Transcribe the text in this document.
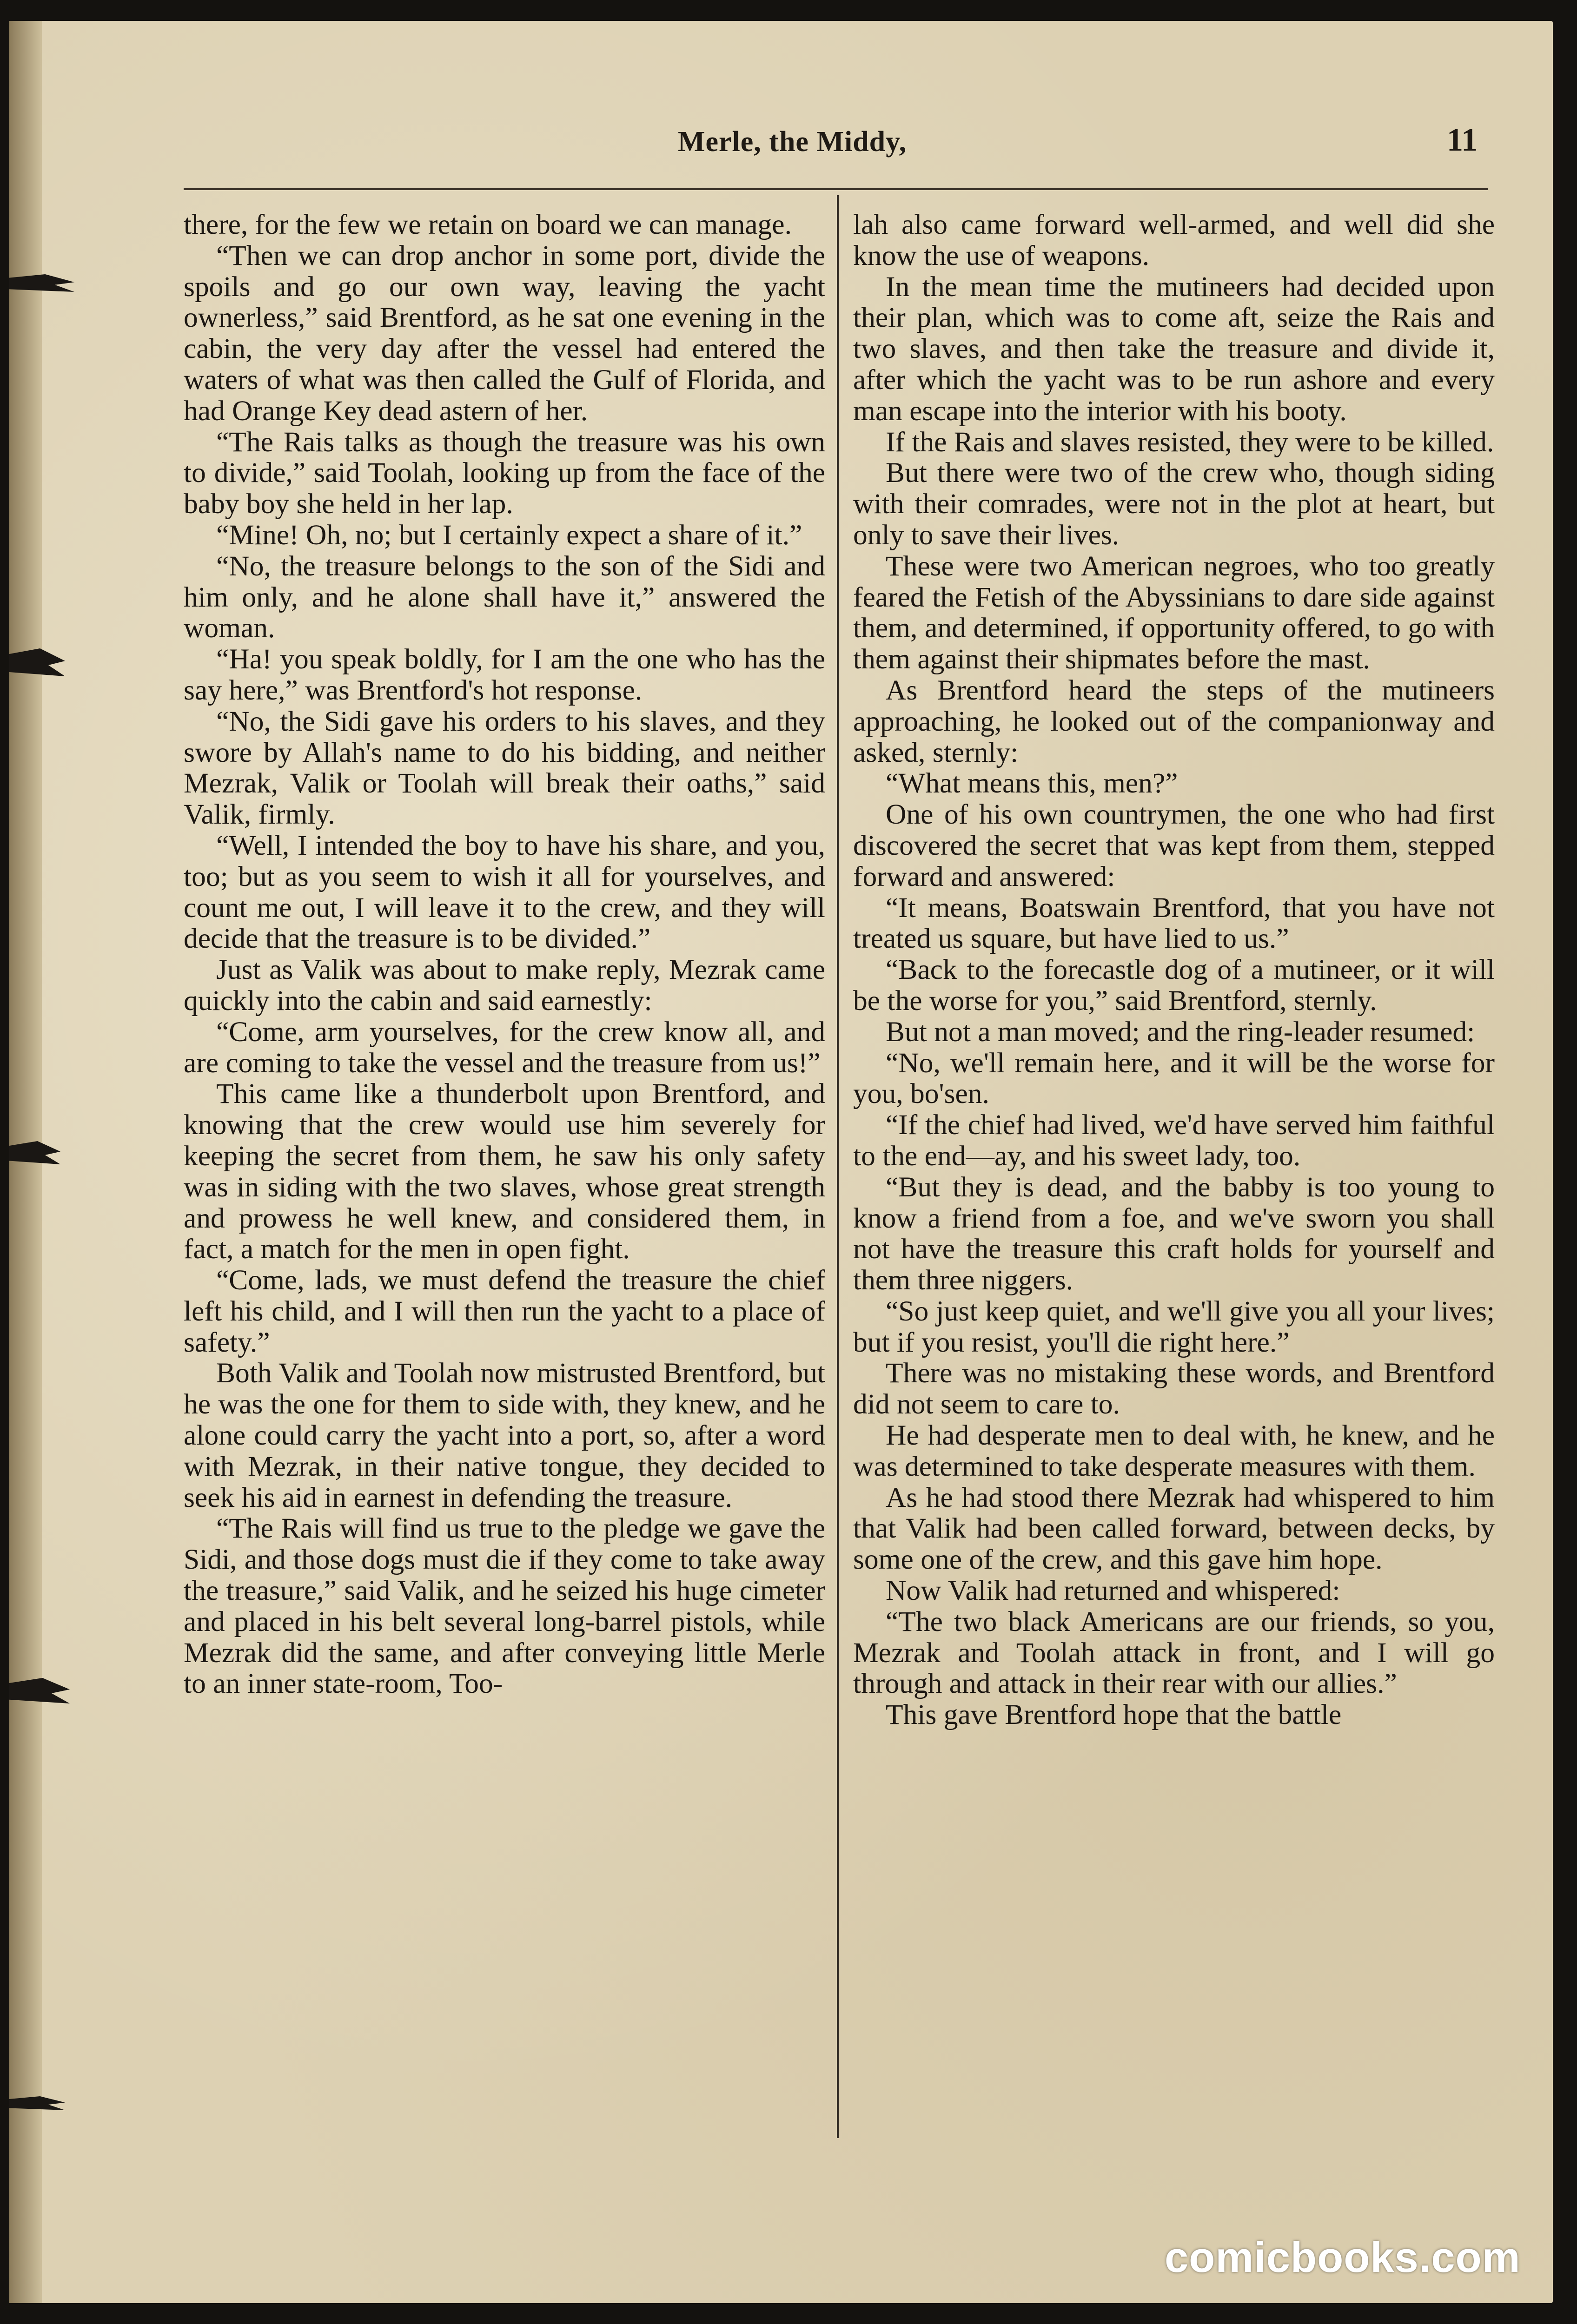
Merle, the Middy,	11

there, for the few we retain on board we can manage.

“Then we can drop anchor in some port, divide the spoils and go our own way, leaving the yacht ownerless,” said Brentford, as he sat one evening in the cabin, the very day after the vessel had entered the waters of what was then called the Gulf of Florida, and had Orange Key dead astern of her.

“The Rais talks as though the treasure was his own to divide,” said Toolah, looking up from the face of the baby boy she held in her lap.

“Mine! Oh, no; but I certainly expect a share of it.”

“No, the treasure belongs to the son of the Sidi and him only, and he alone shall have it,” answered the woman.

“Ha! you speak boldly, for I am the one who has the say here,” was Brentford's hot response.

“No, the Sidi gave his orders to his slaves, and they swore by Allah's name to do his bidding, and neither Mezrak, Valik or Toolah will break their oaths,” said Valik, firmly.

“Well, I intended the boy to have his share, and you, too; but as you seem to wish it all for yourselves, and count me out, I will leave it to the crew, and they will decide that the treasure is to be divided.”

Just as Valik was about to make reply, Mezrak came quickly into the cabin and said earnestly:

“Come, arm yourselves, for the crew know all, and are coming to take the vessel and the treasure from us!”

This came like a thunderbolt upon Brentford, and knowing that the crew would use him severely for keeping the secret from them, he saw his only safety was in siding with the two slaves, whose great strength and prowess he well knew, and considered them, in fact, a match for the men in open fight.

“Come, lads, we must defend the treasure the chief left his child, and I will then run the yacht to a place of safety.”

Both Valik and Toolah now mistrusted Brentford, but he was the one for them to side with, they knew, and he alone could carry the yacht into a port, so, after a word with Mezrak, in their native tongue, they decided to seek his aid in earnest in defending the treasure.

“The Rais will find us true to the pledge we gave the Sidi, and those dogs must die if they come to take away the treasure,” said Valik, and he seized his huge cimeter and placed in his belt several long-barrel pistols, while Mezrak did the same, and after conveying little Merle to an inner state-room, Too-

lah also came forward well-armed, and well did she know the use of weapons.

In the mean time the mutineers had decided upon their plan, which was to come aft, seize the Rais and two slaves, and then take the treasure and divide it, after which the yacht was to be run ashore and every man escape into the interior with his booty.

If the Rais and slaves resisted, they were to be killed.

But there were two of the crew who, though siding with their comrades, were not in the plot at heart, but only to save their lives.

These were two American negroes, who too greatly feared the Fetish of the Abyssinians to dare side against them, and determined, if opportunity offered, to go with them against their shipmates before the mast.

As Brentford heard the steps of the mutineers approaching, he looked out of the companionway and asked, sternly:

“What means this, men?”

One of his own countrymen, the one who had first discovered the secret that was kept from them, stepped forward and answered:

“It means, Boatswain Brentford, that you have not treated us square, but have lied to us.”

“Back to the forecastle dog of a mutineer, or it will be the worse for you,” said Brentford, sternly.

But not a man moved; and the ring-leader resumed:

“No, we'll remain here, and it will be the worse for you, bo'sen.

“If the chief had lived, we'd have served him faithful to the end—ay, and his sweet lady, too.

“But they is dead, and the babby is too young to know a friend from a foe, and we've sworn you shall not have the treasure this craft holds for yourself and them three niggers.

“So just keep quiet, and we'll give you all your lives; but if you resist, you'll die right here.”

There was no mistaking these words, and Brentford did not seem to care to.

He had desperate men to deal with, he knew, and he was determined to take desperate measures with them.

As he had stood there Mezrak had whispered to him that Valik had been called forward, between decks, by some one of the crew, and this gave him hope.

Now Valik had returned and whispered:

“The two black Americans are our friends, so you, Mezrak and Toolah attack in front, and I will go through and attack in their rear with our allies.”

This gave Brentford hope that the battle

comicbooks.com
